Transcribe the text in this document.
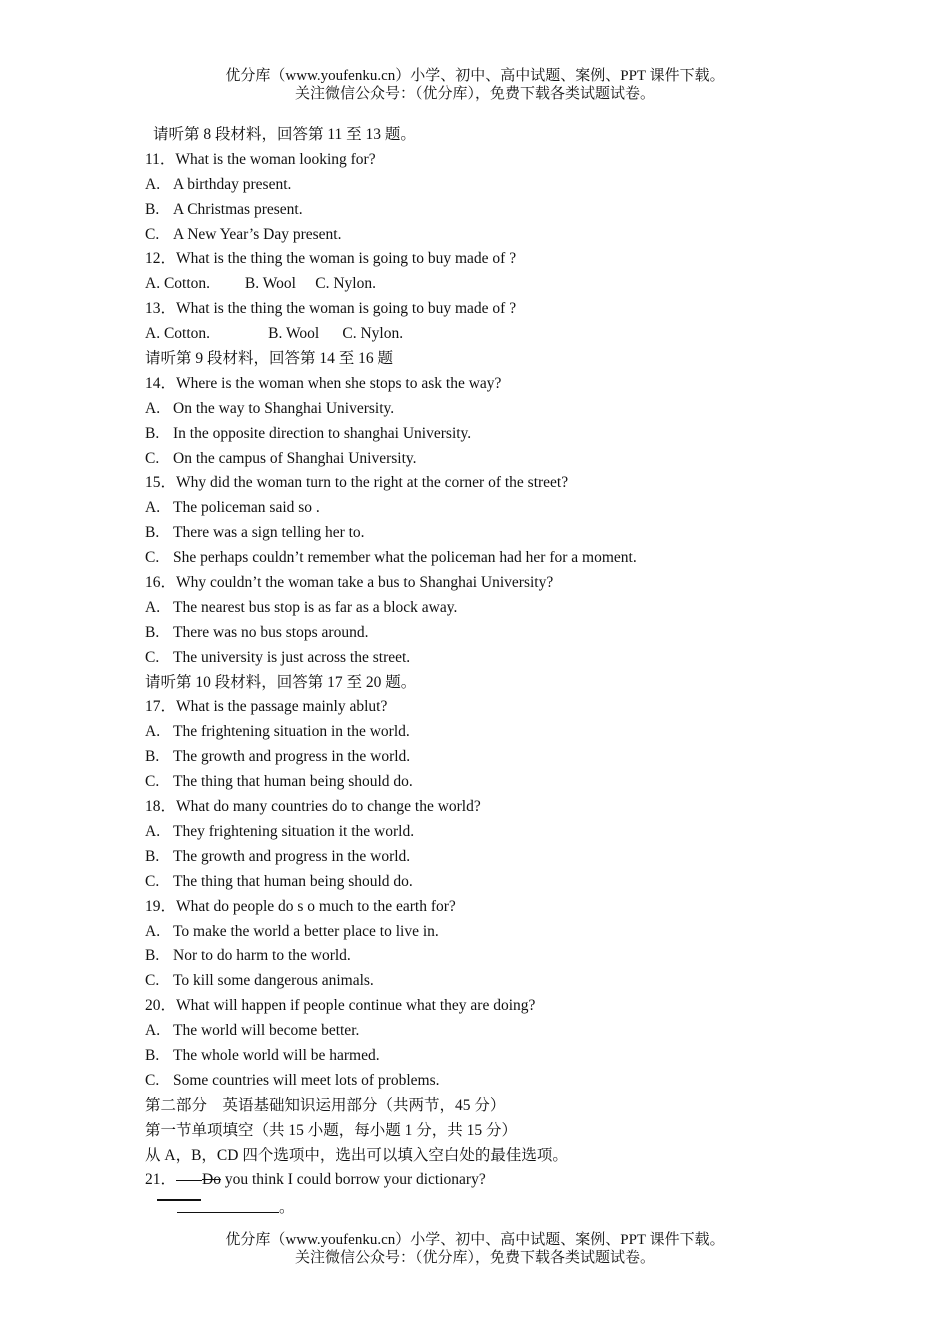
优分库（www.youfenku.cn）小学、初中、高中试题、案例、PPT 课件下载。
关注微信公众号：（优分库），免费下载各类试题试卷。
请听第 8 段材料，回答第 11 至 13 题。
11．What is the woman looking for?
A. A birthday present.
B. A Christmas present.
C. A New Year’s Day present.
12．What is the thing the woman is going to buy made of ?
A. Cotton.         B. Wool     C. Nylon.
13．What is the thing the woman is going to buy made of ?
A. Cotton.               B. Wool      C. Nylon.
请听第 9 段材料，回答第 14 至 16 题
14．Where is the woman when she stops to ask the way?
A. On the way to Shanghai University.
B. In the opposite direction to shanghai University.
C. On the campus of Shanghai University.
15．Why did the woman turn to the right at the corner of the street?
A. The policeman said so .
B. There was a sign telling her to.
C. She perhaps couldn’t remember what the policeman had her for a moment.
16．Why couldn’t the woman take a bus to Shanghai University?
A. The nearest bus stop is as far as a block away.
B. There was no bus stops around.
C. The university is just across the street.
请听第 10 段材料，回答第 17 至 20 题。
17．What is the passage mainly ablut?
A. The frightening situation in the world.
B. The growth and progress in the world.
C. The thing that human being should do.
18．What do many countries do to change the world?
A. They frightening situation it the world.
B. The growth and progress in the world.
C. The thing that human being should do.
19．What do people do s o much to the earth for?
A. To make the world a better place to live in.
B. Nor to do harm to the world.
C. To kill some dangerous animals.
20．What will happen if people continue what they are doing?
A. The world will become better.
B. The whole world will be harmed.
C. Some countries will meet lots of problems.
第二部分　英语基础知识运用部分（共两节，45 分）
第一节单项填空（共 15 小题，每小题 1 分，共 15 分）
从 A，B，CD 四个选项中，选出可以填入空白处的最佳选项。
21． Do you think I could borrow your dictionary?
。
优分库（www.youfenku.cn）小学、初中、高中试题、案例、PPT 课件下载。
关注微信公众号：（优分库），免费下载各类试题试卷。
